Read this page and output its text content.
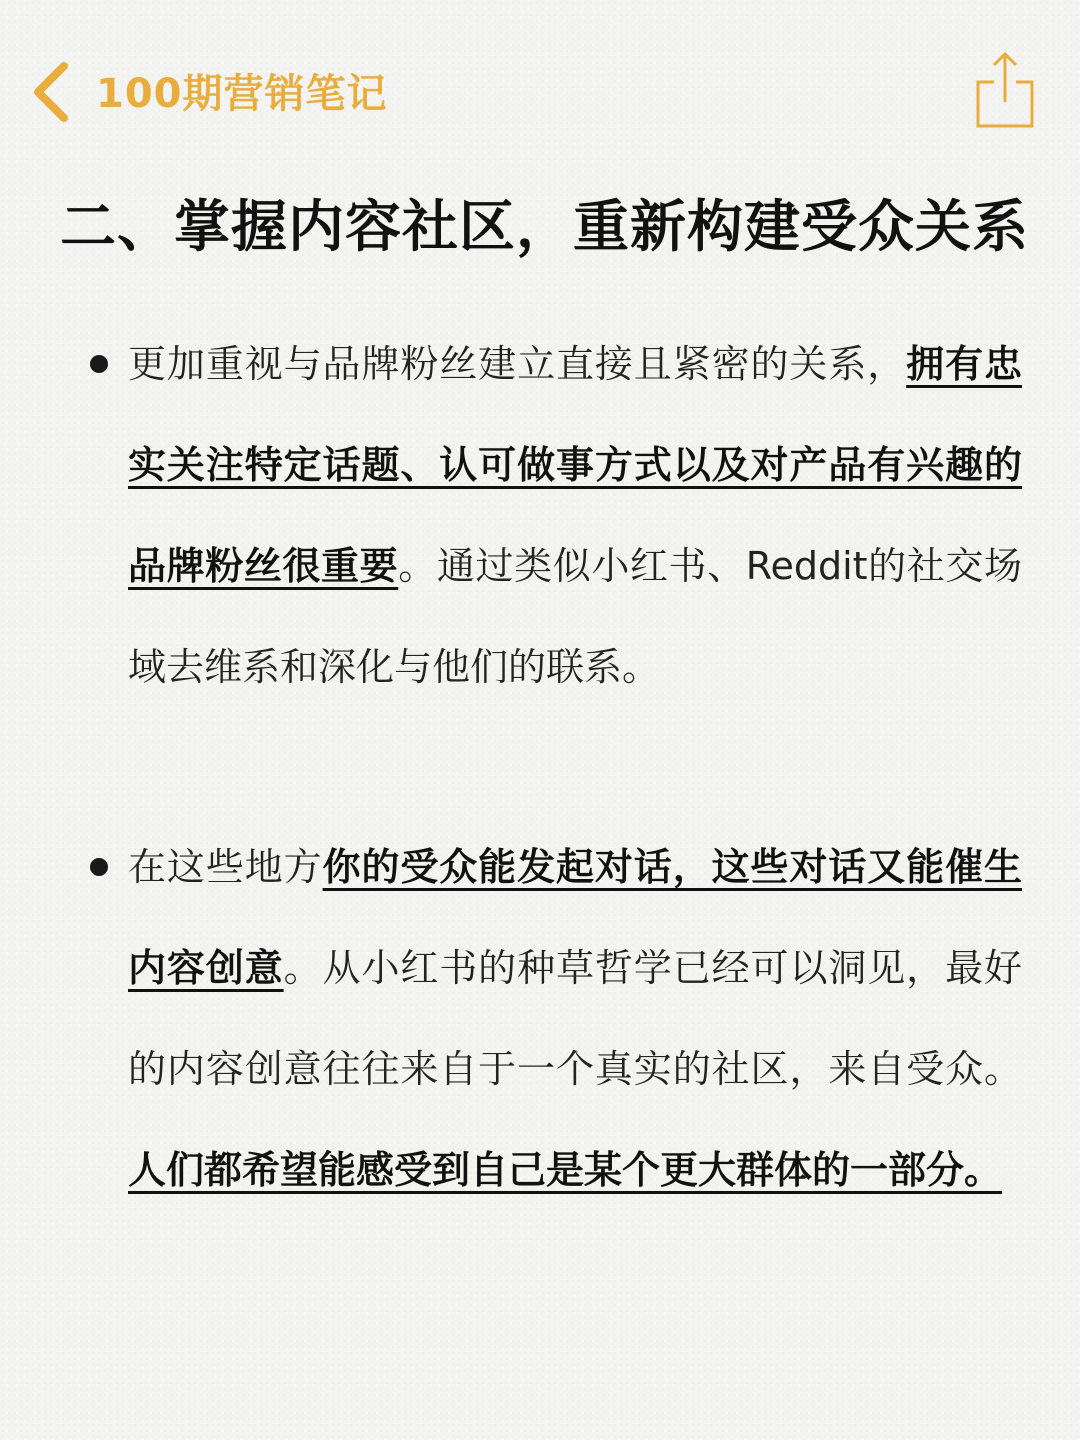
100期营销笔记
二、掌握内容社区，重新构建受众关系
更加重视与品牌粉丝建立直接且紧密的关系，拥有忠实关注特定话题、认可做事方式以及对产品有兴趣的品牌粉丝很重要。通过类似小红书、Reddit的社交场域去维系和深化与他们的联系。
在这些地方你的受众能发起对话，这些对话又能催生内容创意。从小红书的种草哲学已经可以洞见，最好的内容创意往往来自于一个真实的社区，来自受众。人们都希望能感受到自己是某个更大群体的一部分。
